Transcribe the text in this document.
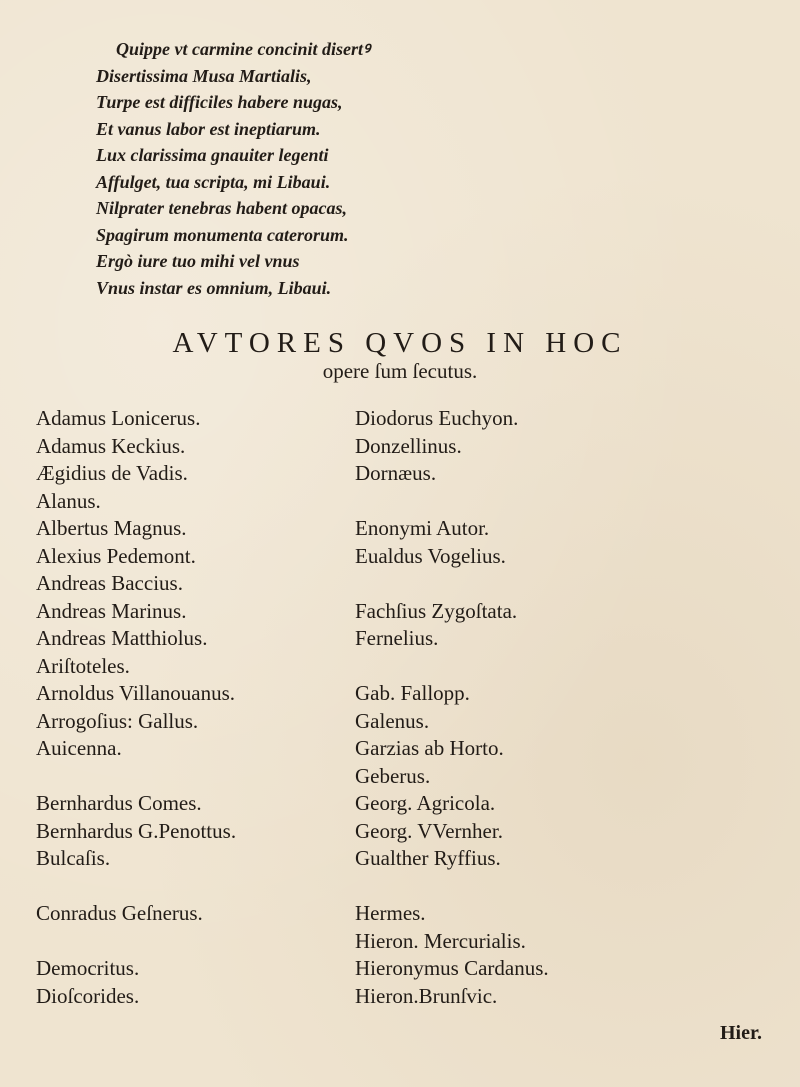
Quippe vt carmine concinit disertꝰ
Disertissima Musa Martialis,
Turpe est difficiles habere nugas,
Et vanus labor est ineptiarum.
Lux clarissima gnauiter legenti
Affulget, tua scripta, mi Libaui.
Nilprater tenebras habent opacas,
Spagirum monumenta caterorum.
Ergò iure tuo mihi vel vnus
Vnus instar es omnium, Libaui.
AVTORES QVOS IN HOC
opere ſum ſecutus.
Adamus Lonicerus.
Adamus Keckius.
Ægidius de Vadis.
Alanus.
Albertus Magnus.
Alexius Pedemont.
Andreas Baccius.
Andreas Marinus.
Andreas Matthiolus.
Ariſtoteles.
Arnoldus Villanouanus.
Arrogoſius: Gallus.
Auicenna.
Bernhardus Comes.
Bernhardus G.Penottus.
Bulcaſis.
Conradus Geſnerus.
Democritus.
Dioſcorides.
Diodorus Euchyon.
Donzellinus.
Dornæus.
Enonymi Autor.
Eualdus Vogelius.
Fachſius Zygoſtata.
Fernelius.
Gab. Fallopp.
Galenus.
Garzias ab Horto.
Geberus.
Georg. Agricola.
Georg. VVernher.
Gualther Ryffius.
Hermes.
Hieron. Mercurialis.
Hieronymus Cardanus.
Hieron.Brunſvic.
Hier.
